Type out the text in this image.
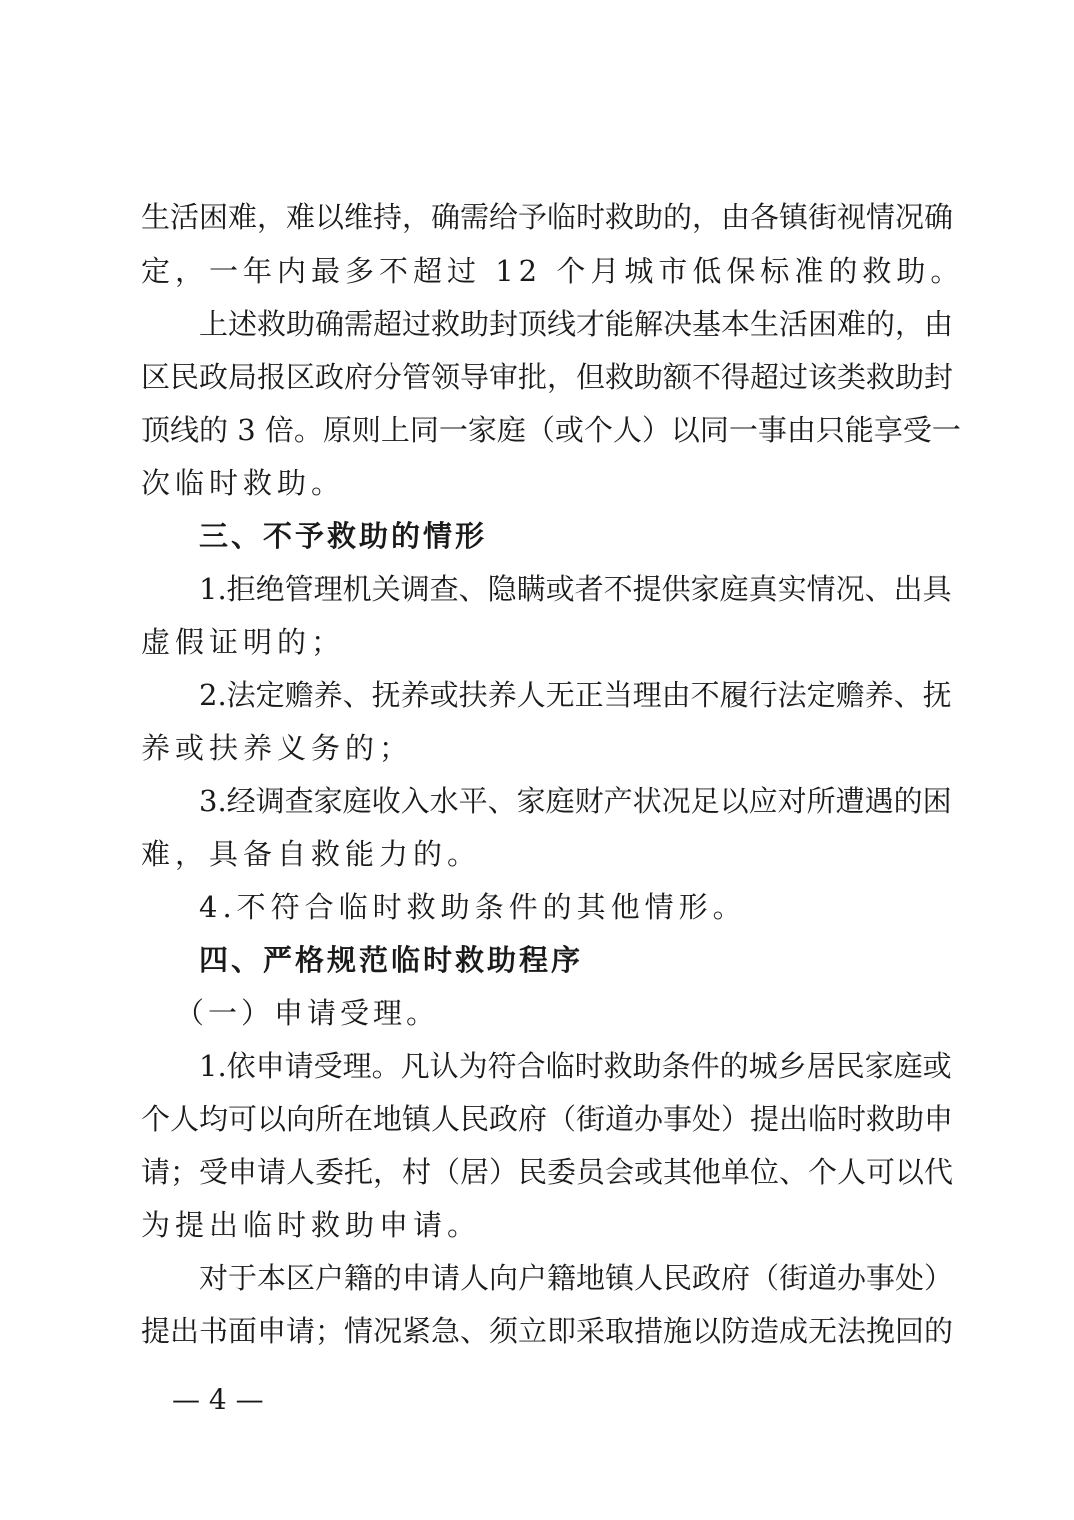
生活困难，难以维持，确需给予临时救助的，由各镇街视情况确
定，一年内最多不超过 12 个月城市低保标准的救助。
上述救助确需超过救助封顶线才能解决基本生活困难的，由
区民政局报区政府分管领导审批，但救助额不得超过该类救助封
顶线的 3 倍。原则上同一家庭（或个人）以同一事由只能享受一
次临时救助。
三、不予救助的情形
1.拒绝管理机关调查、隐瞒或者不提供家庭真实情况、出具
虚假证明的；
2.法定赡养、抚养或扶养人无正当理由不履行法定赡养、抚
养或扶养义务的；
3.经调查家庭收入水平、家庭财产状况足以应对所遭遇的困
难，具备自救能力的。
4.不符合临时救助条件的其他情形。
四、严格规范临时救助程序
（一）申请受理。
1.依申请受理。凡认为符合临时救助条件的城乡居民家庭或
个人均可以向所在地镇人民政府（街道办事处）提出临时救助申
请；受申请人委托，村（居）民委员会或其他单位、个人可以代
为提出临时救助申请。
对于本区户籍的申请人向户籍地镇人民政府（街道办事处）
提出书面申请；情况紧急、须立即采取措施以防造成无法挽回的
— 4 —
